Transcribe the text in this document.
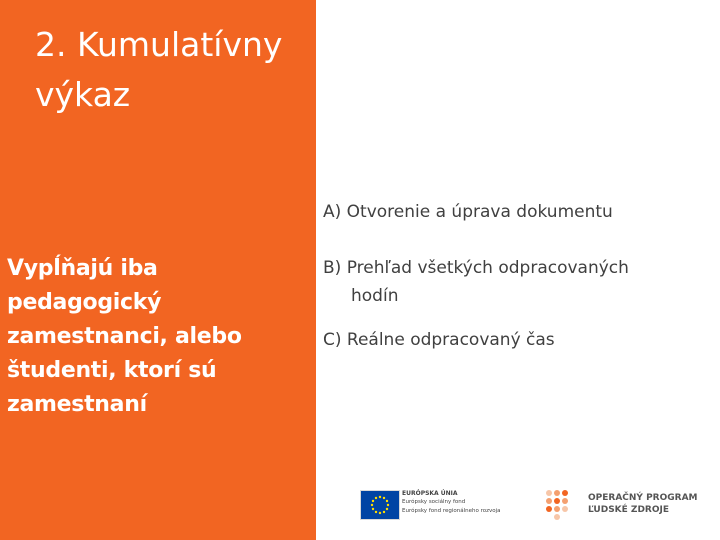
2. Kumulatívny výkaz

Vypĺňajú iba pedagogický zamestnanci, alebo študenti, ktorí sú zamestnaní

A) Otvorenie a úprava dokumentu
B) Prehľad všetkých odpracovaných
hodín
C) Reálne odpracovaný čas
EURÓPSKA ÚNIA
Európsky sociálny fond
Európsky fond regionálneho rozvoja
OPERAČNÝ PROGRAM
ĽUDSKÉ ZDROJE
